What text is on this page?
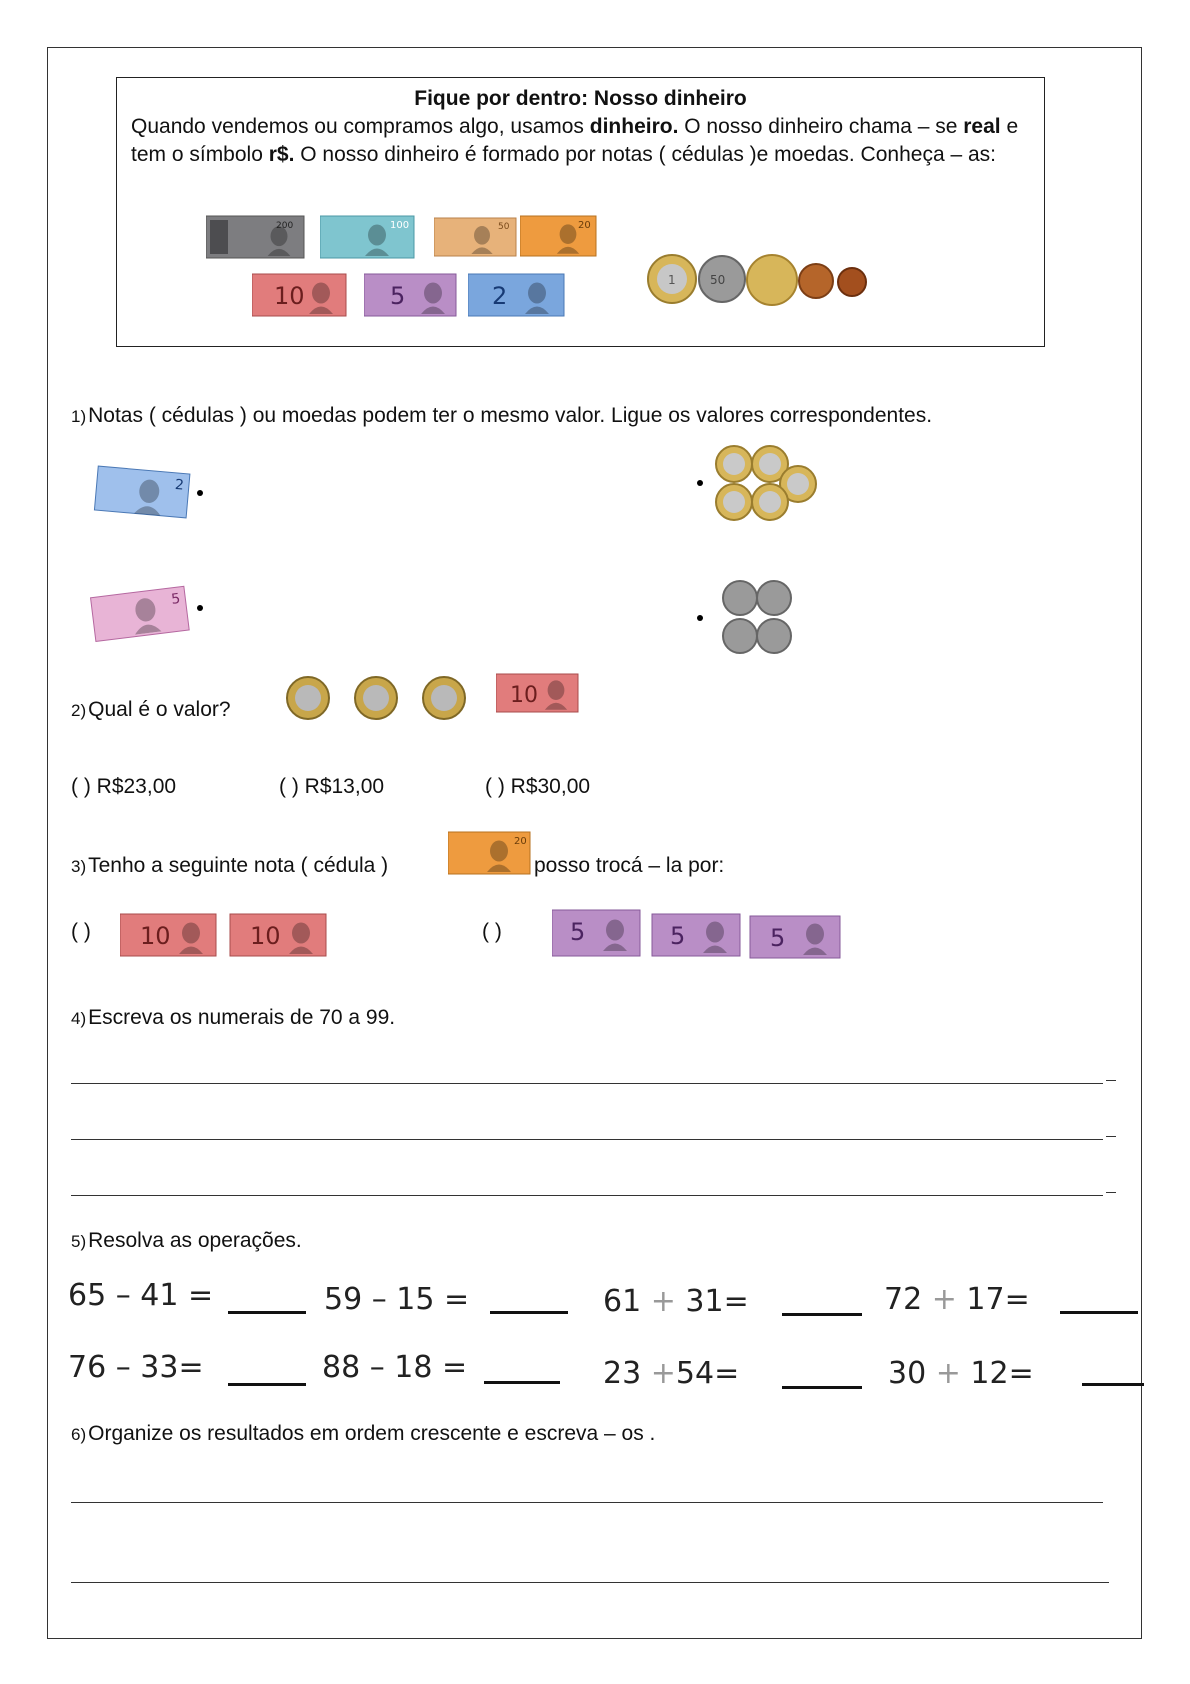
Fique por dentro: Nosso dinheiro
Quando vendemos ou compramos algo, usamos dinheiro. O nosso dinheiro chama – se real e tem o símbolo r$. O nosso dinheiro é formado por notas ( cédulas )e moedas. Conheça – as:
200	100	50	20
10	5	2
1	50
1)Notas ( cédulas ) ou moedas podem ter o mesmo valor. Ligue os valores correspondentes.
2
5
2)Qual é o valor?
10
( ) R$23,00	( ) R$13,00	( ) R$30,00
3)Tenho a seguinte nota ( cédula )
20
posso trocá – la por:
( ) 10	10	( )	5	5	5
4)Escreva os numerais de 70 a 99.
5)Resolva as operações.
65 – 41 =	59 – 15 =	61 + 31=	72 + 17=
76 – 33=	88 – 18 =	23 +54=	30 + 12=
6)Organize os resultados em ordem crescente e escreva – os .
